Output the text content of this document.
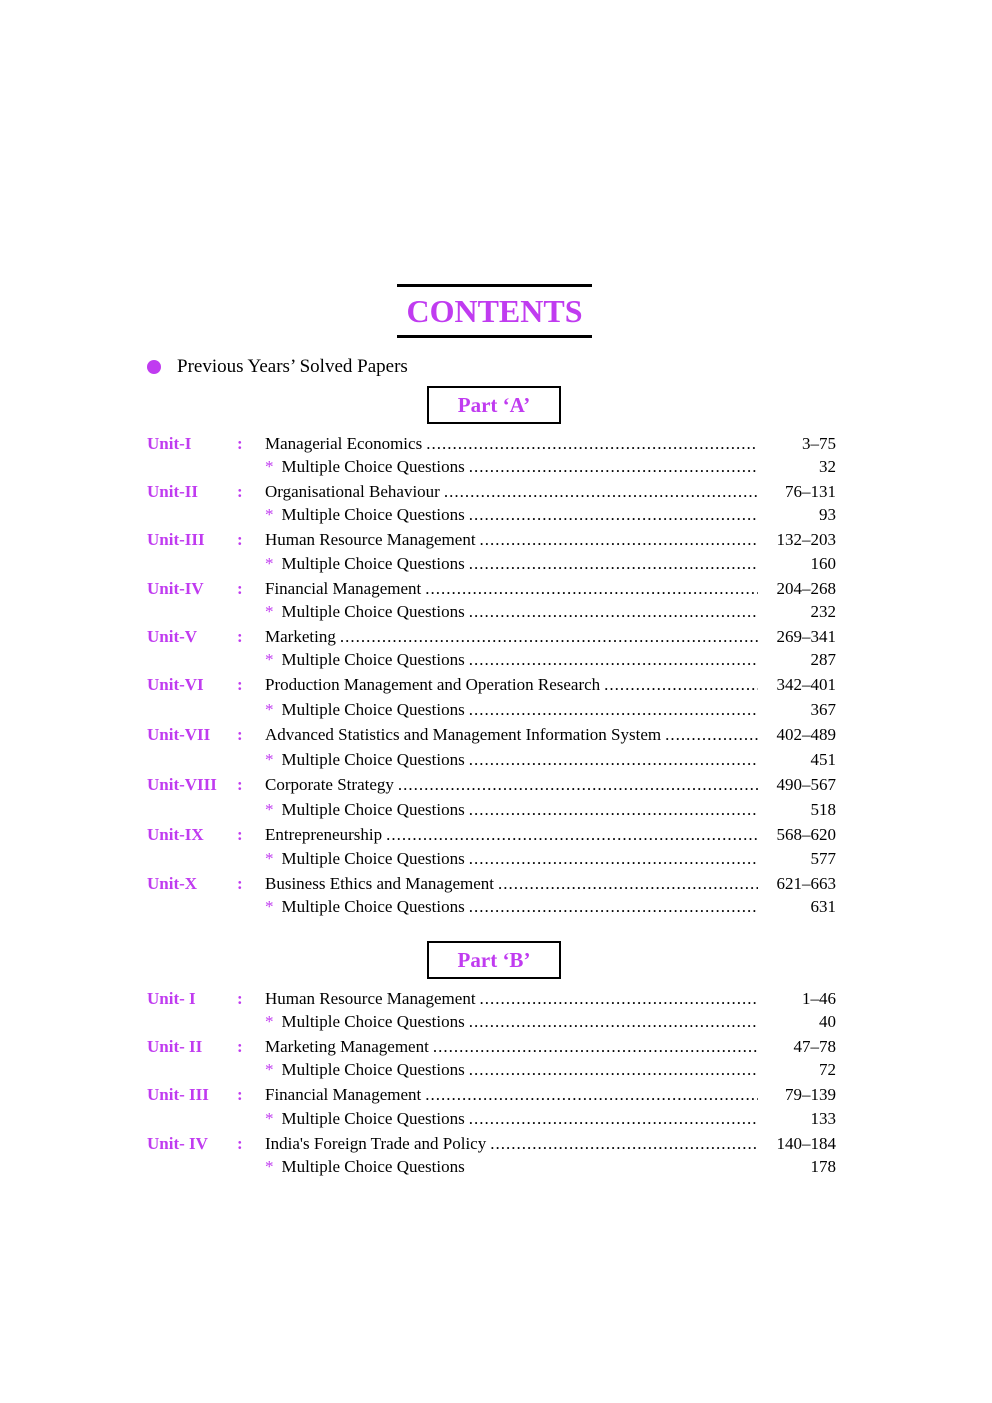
CONTENTS
Previous Years’ Solved Papers
Part ‘A’
Part ‘B’
Unit-I	: Managerial Economics .....	3–75
* Multiple Choice Questions .....	32
Unit-II : Organisational Behaviour .....	76–131
* Multiple Choice Questions .....	93
Unit-III : Human Resource Management .....	132–203
* Multiple Choice Questions .....	160
Unit-IV : Financial Management .....	204–268
* Multiple Choice Questions .....	232
Unit-V : Marketing .....	269–341
* Multiple Choice Questions .....	287
Unit-VI : Production Management and Operation Research .....	342–401
* Multiple Choice Questions .....	367
Unit-VII : Advanced Statistics and Management Information System .....	402–489
* Multiple Choice Questions .....	451
Unit-VIII : Corporate Strategy .....	490–567
* Multiple Choice Questions .....	518
Unit-IX : Entrepreneurship .....	568–620
* Multiple Choice Questions .....	577
Unit-X : Business Ethics and Management .....	621–663
* Multiple Choice Questions .....	631
Unit- I : Human Resource Management .....	1–46
* Multiple Choice Questions .....	40
Unit- II : Marketing Management .....	47–78
* Multiple Choice Questions .....	72
Unit- III : Financial Management .....	79–139
* Multiple Choice Questions .....	133
Unit- IV : India's Foreign Trade and Policy .....	140–184
* Multiple Choice Questions	178
